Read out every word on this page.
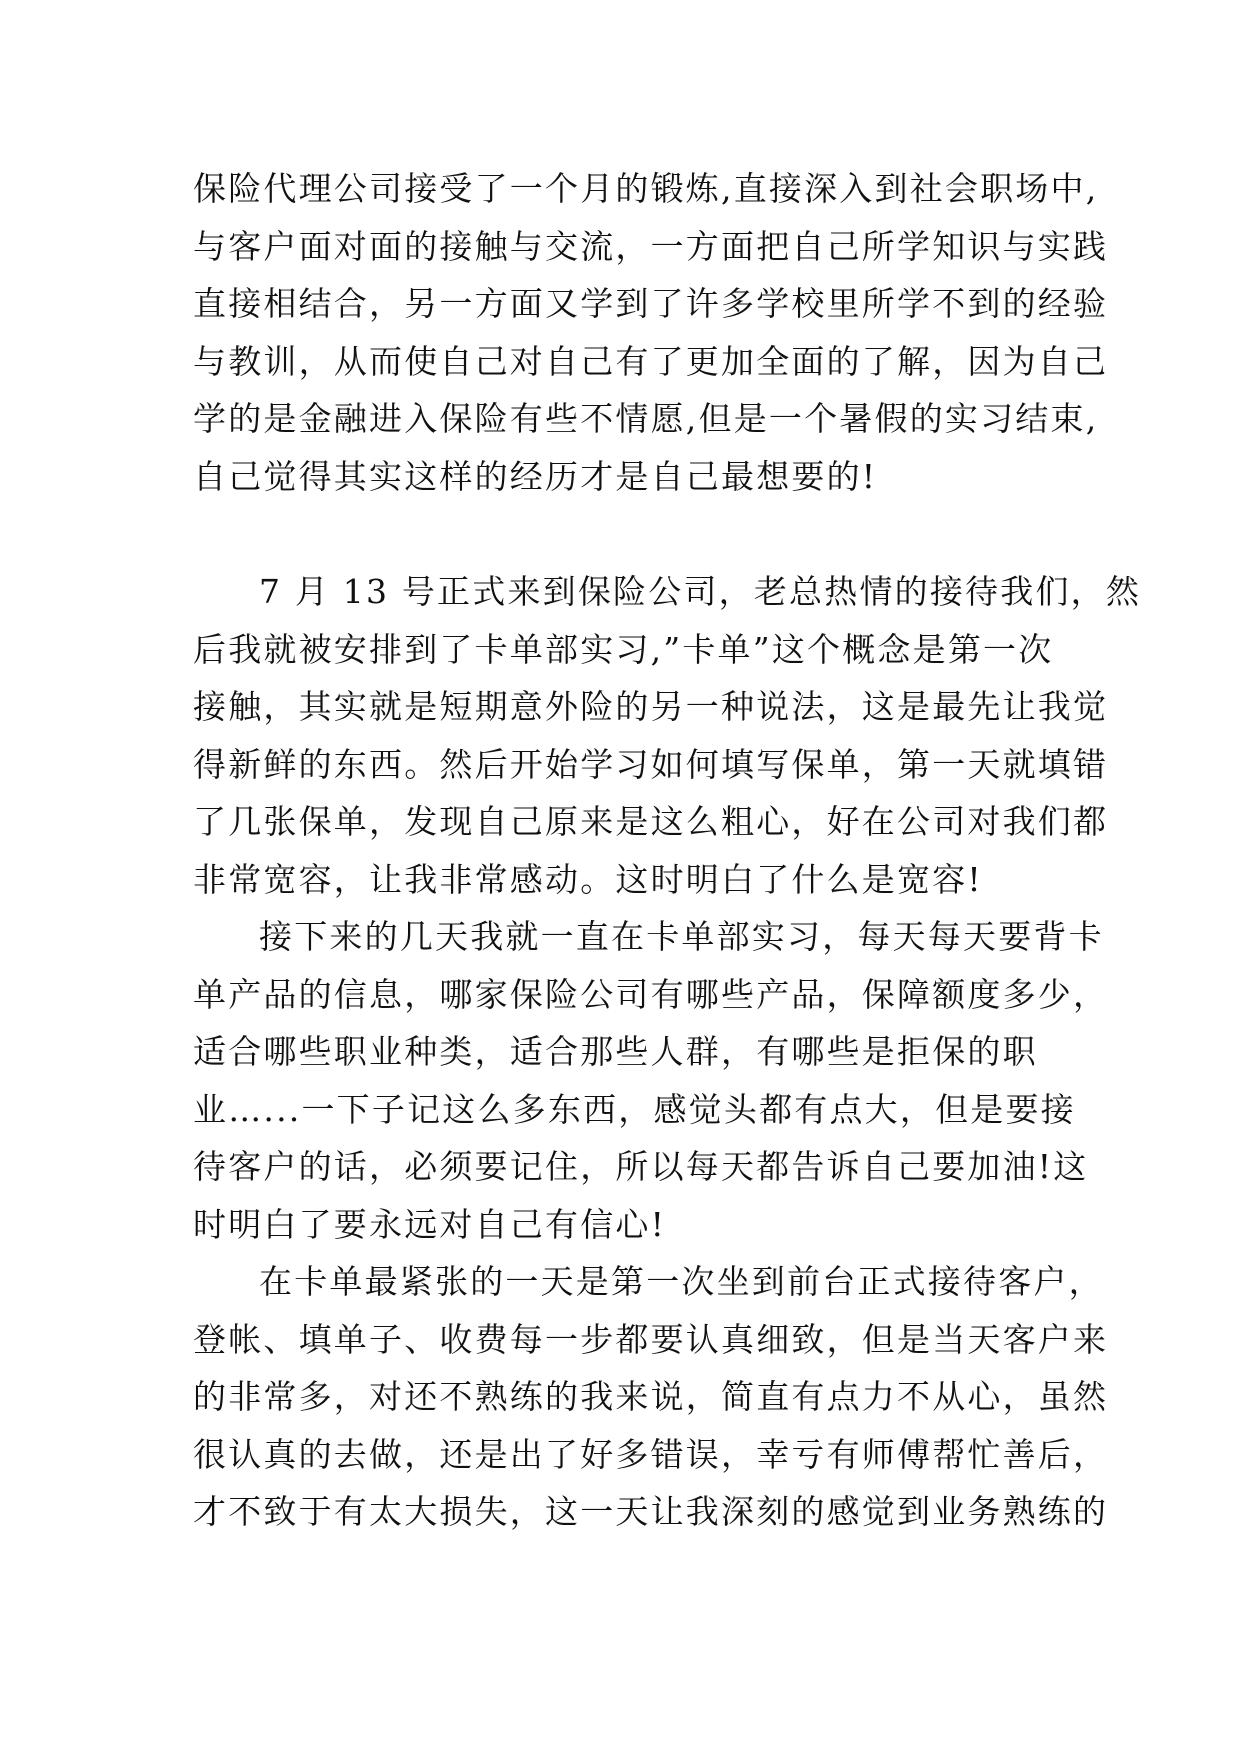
保险代理公司接受了一个月的锻炼,直接深入到社会职场中,
与客户面对面的接触与交流，一方面把自己所学知识与实践
直接相结合，另一方面又学到了许多学校里所学不到的经验
与教训，从而使自己对自己有了更加全面的了解，因为自己
学的是金融进入保险有些不情愿,但是一个暑假的实习结束,
自己觉得其实这样的经历才是自己最想要的!

7 月 13 号正式来到保险公司，老总热情的接待我们，然
后我就被安排到了卡单部实习,”卡单”这个概念是第一次
接触，其实就是短期意外险的另一种说法，这是最先让我觉
得新鲜的东西。然后开始学习如何填写保单，第一天就填错
了几张保单，发现自己原来是这么粗心，好在公司对我们都
非常宽容，让我非常感动。这时明白了什么是宽容!

接下来的几天我就一直在卡单部实习，每天每天要背卡
单产品的信息，哪家保险公司有哪些产品，保障额度多少，
适合哪些职业种类，适合那些人群，有哪些是拒保的职
业…...一下子记这么多东西，感觉头都有点大，但是要接
待客户的话，必须要记住，所以每天都告诉自己要加油!这
时明白了要永远对自己有信心!

在卡单最紧张的一天是第一次坐到前台正式接待客户，
登帐、填单子、收费每一步都要认真细致，但是当天客户来
的非常多，对还不熟练的我来说，简直有点力不从心，虽然
很认真的去做，还是出了好多错误，幸亏有师傅帮忙善后，
才不致于有太大损失，这一天让我深刻的感觉到业务熟练的
